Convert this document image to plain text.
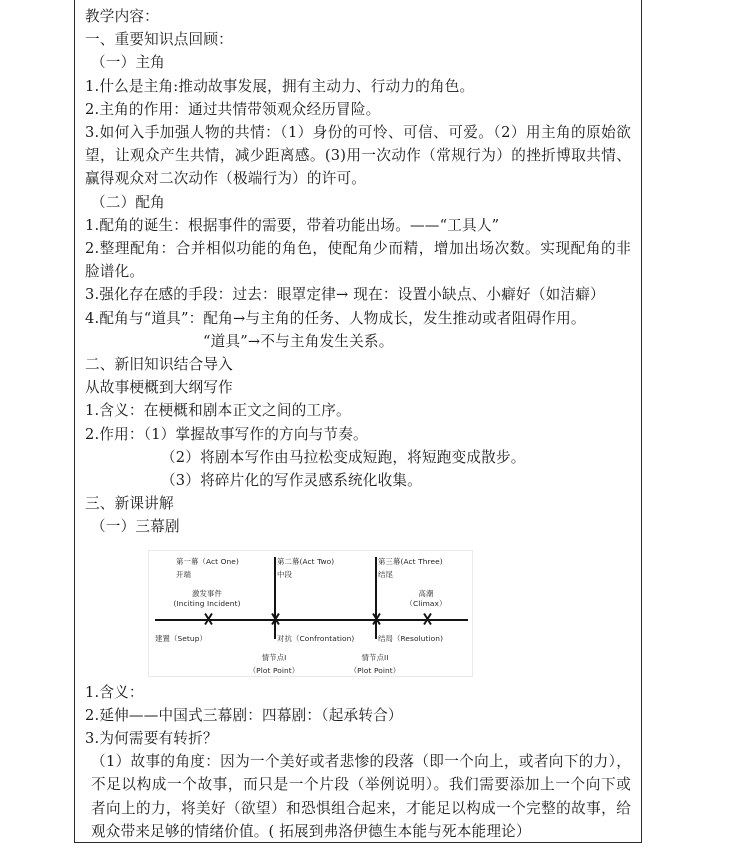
教学内容：
一、重要知识点回顾：
（一）主角
1.什么是主角:推动故事发展，拥有主动力、行动力的角色。
2.主角的作用：通过共情带领观众经历冒险。
3.如何入手加强人物的共情：（1）身份的可怜、可信、可爱。（2）用主角的原始欲望，让观众产生共情，减少距离感。(3)用一次动作（常规行为）的挫折博取共情、赢得观众对二次动作（极端行为）的许可。
（二）配角
1.配角的诞生：根据事件的需要，带着功能出场。——“工具人”
2.整理配角：合并相似功能的角色，使配角少而精，增加出场次数。实现配角的非脸谱化。
3.强化存在感的手段：过去：眼罩定律→ 现在：设置小缺点、小癖好（如洁癖）
4.配角与“道具”：配角→与主角的任务、人物成长，发生推动或者阻碍作用。
“道具”→不与主角发生关系。
二、新旧知识结合导入
从故事梗概到大纲写作
1.含义：在梗概和剧本正文之间的工序。
2.作用：（1）掌握故事写作的方向与节奏。
（2）将剧本写作由马拉松变成短跑，将短跑变成散步。
（3）将碎片化的写作灵感系统化收集。
三、新课讲解
（一）三幕剧
第一幕（Act One)
开端
第二幕(Act Two)
中段
第三幕(Act Three)
结尾
激发事件
(Inciting Incident)
高潮
（Climax）
建置（Setup）	对抗（Confrontation)	结局（Resolution)
情节点I
（Plot Point）
情节点II
（Plot Point）
1.含义：
2.延伸——中国式三幕剧：四幕剧：（起承转合）
3.为何需要有转折？
（1）故事的角度：因为一个美好或者悲惨的段落（即一个向上，或者向下的力），不足以构成一个故事，而只是一个片段（举例说明）。我们需要添加上一个向下或者向上的力，将美好（欲望）和恐惧组合起来，才能足以构成一个完整的故事，给观众带来足够的情绪价值。( 拓展到弗洛伊德生本能与死本能理论）
